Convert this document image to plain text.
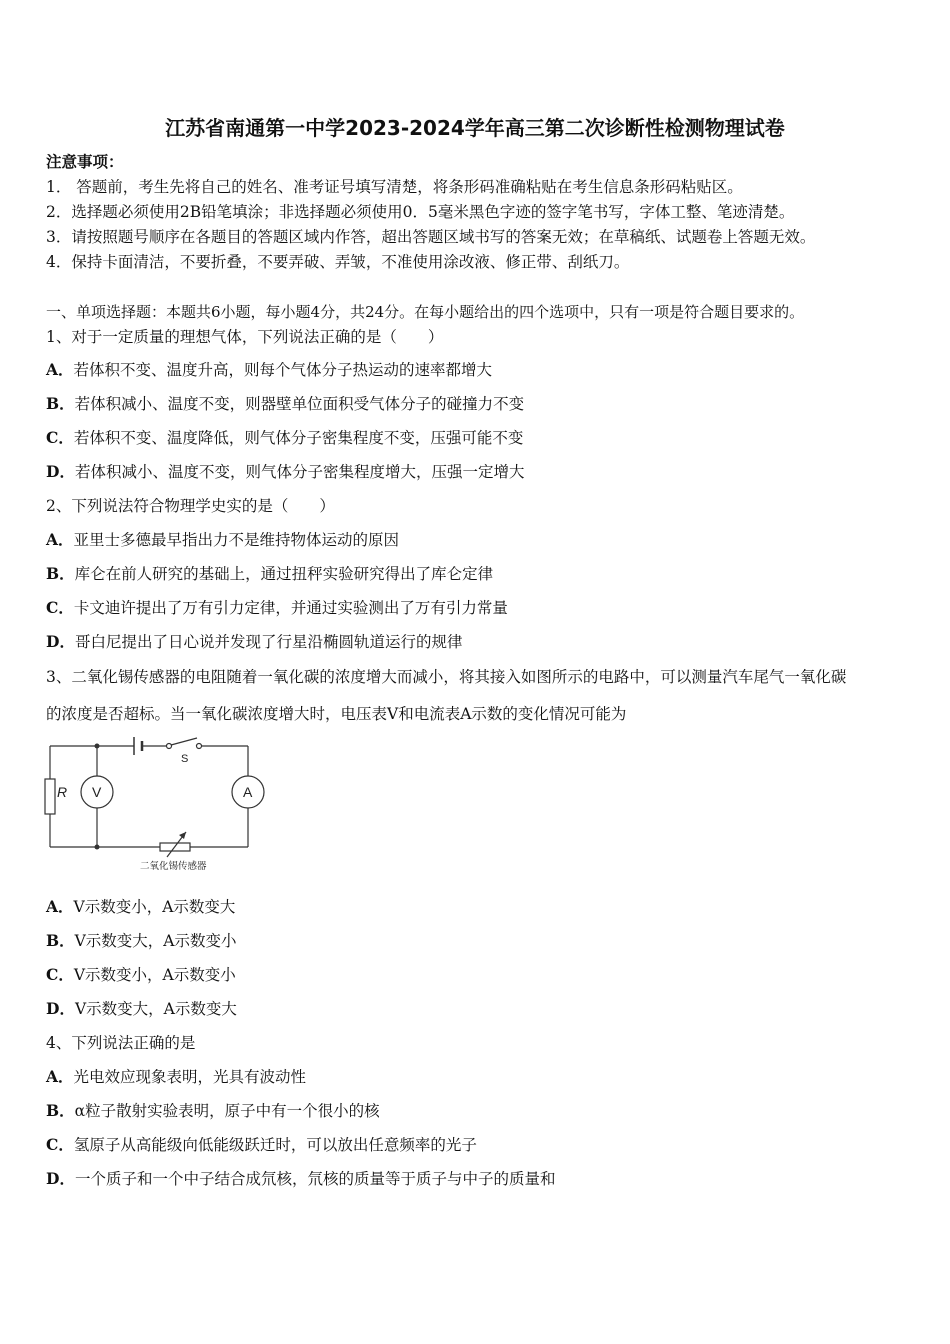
江苏省南通第一中学2023-2024学年高三第二次诊断性检测物理试卷
注意事项：
1． 答题前，考生先将自己的姓名、准考证号填写清楚，将条形码准确粘贴在考生信息条形码粘贴区。
2．选择题必须使用2B铅笔填涂；非选择题必须使用0．5毫米黑色字迹的签字笔书写，字体工整、笔迹清楚。
3．请按照题号顺序在各题目的答题区域内作答，超出答题区域书写的答案无效；在草稿纸、试题卷上答题无效。
4．保持卡面清洁，不要折叠，不要弄破、弄皱，不准使用涂改液、修正带、刮纸刀。
一、单项选择题：本题共6小题，每小题4分，共24分。在每小题给出的四个选项中，只有一项是符合题目要求的。
1、对于一定质量的理想气体，下列说法正确的是（　　）
A．若体积不变、温度升高，则每个气体分子热运动的速率都增大
B．若体积减小、温度不变，则器壁单位面积受气体分子的碰撞力不变
C．若体积不变、温度降低，则气体分子密集程度不变，压强可能不变
D．若体积减小、温度不变，则气体分子密集程度增大，压强一定增大
2、下列说法符合物理学史实的是（　　）
A．亚里士多德最早指出力不是维持物体运动的原因
B．库仑在前人研究的基础上，通过扭秤实验研究得出了库仑定律
C．卡文迪许提出了万有引力定律，并通过实验测出了万有引力常量
D．哥白尼提出了日心说并发现了行星沿椭圆轨道运行的规律
3、二氧化锡传感器的电阻随着一氧化碳的浓度增大而减小，将其接入如图所示的电路中，可以测量汽车尾气一氧化碳
的浓度是否超标。当一氧化碳浓度增大时，电压表V和电流表A示数的变化情况可能为
R V	A
S
二氧化锡传感器
A．V示数变小，A示数变大
B．V示数变大，A示数变小
C．V示数变小，A示数变小
D．V示数变大，A示数变大
4、下列说法正确的是
A．光电效应现象表明，光具有波动性
B．α粒子散射实验表明，原子中有一个很小的核
C．氢原子从高能级向低能级跃迁时，可以放出任意频率的光子
D．一个质子和一个中子结合成氘核，氘核的质量等于质子与中子的质量和
